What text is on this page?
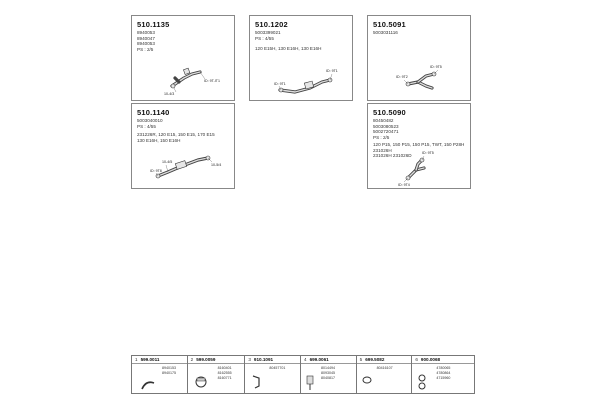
ID: 9T-IT1
10-4/3
510.1135
8940053
8940047
8940053
PS : 2/5
ID: 9T1
ID: 9T1
510.1202
5003399021
PS : 4/55
120 E15H, 130 E16H, 130 E16H
ID: 9T2
ID: 9T5
510.5091
5003031116
10-4/5
10-5/4
ID: 9T8
510.1140
5003040010
PS : 4/55
231226R, 120 E15, 150 E15, 170 E15
130 E16H, 150 E16H
ID: 9T5
ID: 9T4
510.5090
80450482
5003080523
5002720471
PS : 2/5
120 P15, 150 P15, 150 P15, TWT, 150 P28H
231026H
231026H 231026D
1 599.0011
8940153
8940175
2 599.0059
8160401
8162555
8160771
3 910.1091
80457701
4 699.0061
8014494
8093045
8040817
5 699.5082
80416107
6 900.0068
4780065
4780864
4715960
